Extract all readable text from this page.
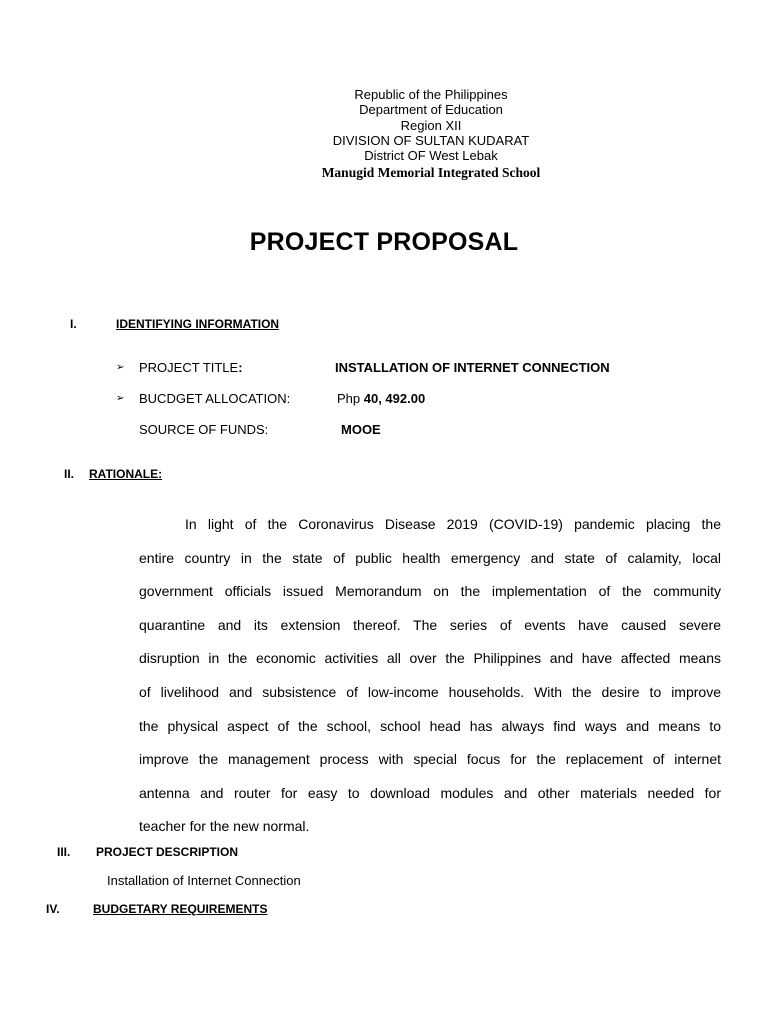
Republic of the Philippines
Department of Education
Region XII
DIVISION OF SULTAN KUDARAT
District OF West Lebak
Manugid Memorial Integrated School
PROJECT PROPOSAL
I.	IDENTIFYING INFORMATION
➢ PROJECT TITLE:	INSTALLATION OF INTERNET CONNECTION
➢ BUCDGET ALLOCATION:	Php 40, 492.00
SOURCE OF FUNDS:	MOOE
II. RATIONALE:
In light of the Coronavirus Disease 2019 (COVID-19) pandemic placing the
entire country in the state of public health emergency and state of calamity, local
government officials issued Memorandum on the implementation of the community
quarantine and its extension thereof. The series of events have caused severe
disruption in the economic activities all over the Philippines and have affected means
of livelihood and subsistence of low-income households. With the desire to improve
the physical aspect of the school, school head has always find ways and means to
improve the management process with special focus for the replacement of internet
antenna and router for easy to download modules and other materials needed for
teacher for the new normal.
III. PROJECT DESCRIPTION
Installation of Internet Connection
IV.	BUDGETARY REQUIREMENTS
